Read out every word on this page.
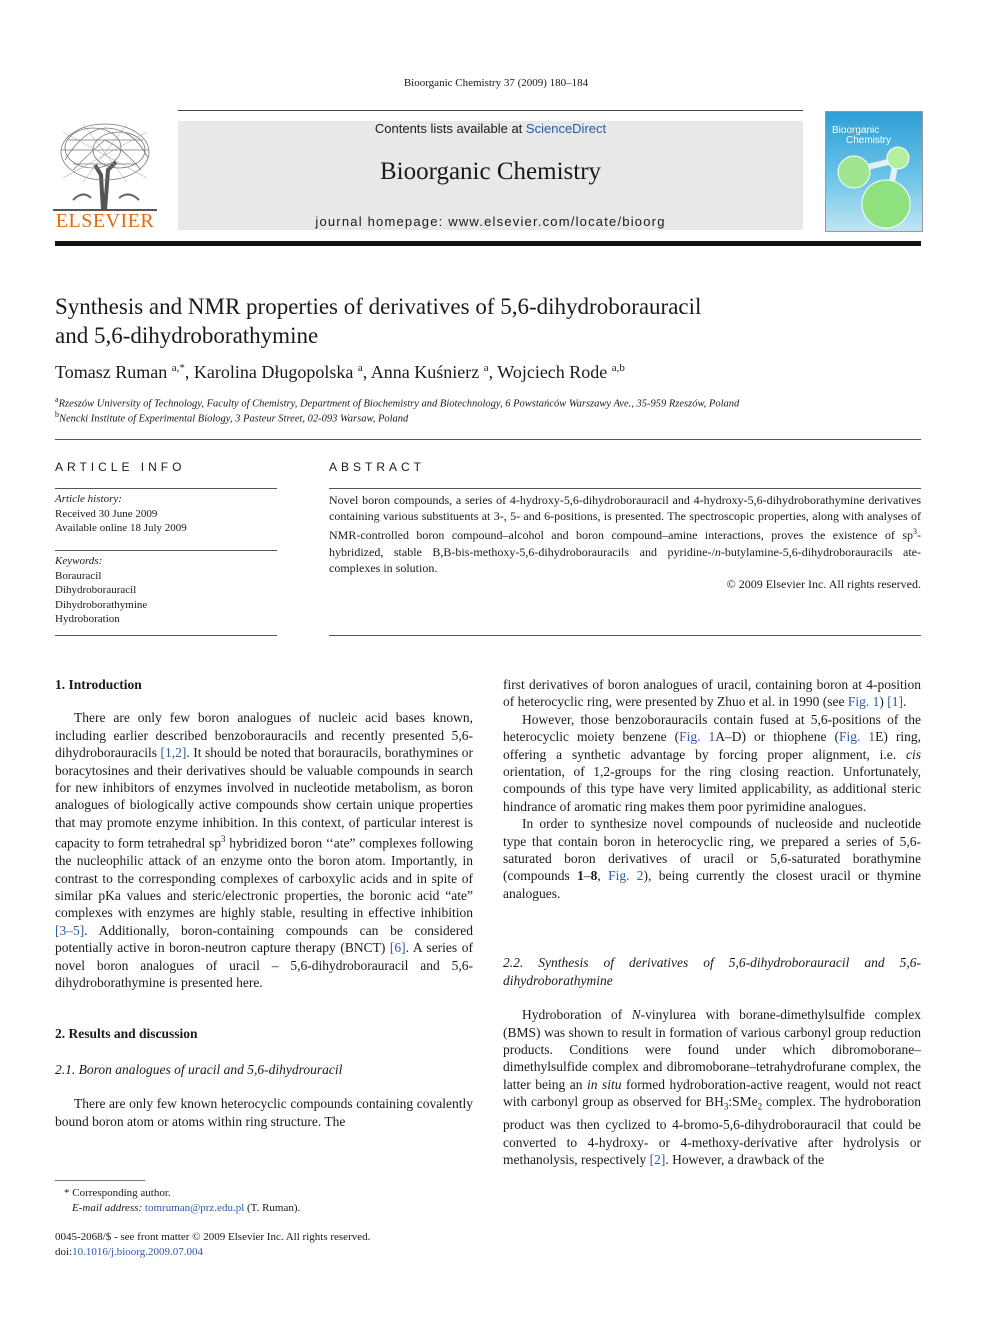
Bioorganic Chemistry 37 (2009) 180–184
ELSEVIER
Contents lists available at ScienceDirect
Bioorganic Chemistry
journal homepage: www.elsevier.com/locate/bioorg
Bioorganic
Chemistry
Synthesis and NMR properties of derivatives of 5,6-dihydroborauracil
and 5,6-dihydroborathymine
Tomasz Ruman $^{a,*}$, Karolina Długopolska $^a$, Anna Kuśnierz $^a$, Wojciech Rode $^{a,b}$
$^a$Rzeszów University of Technology, Faculty of Chemistry, Department of Biochemistry and Biotechnology, 6 Powstańców Warszawy Ave., 35-959 Rzeszów, Poland
$^b$Nencki Institute of Experimental Biology, 3 Pasteur Street, 02-093 Warsaw, Poland
ARTICLE INFO
Article history:
Received 30 June 2009
Available online 18 July 2009
Keywords:
Borauracil
Dihydroborauracil
Dihydroborathymine
Hydroboration
ABSTRACT
Novel boron compounds, a series of 4-hydroxy-5,6-dihydroborauracil and 4-hydroxy-5,6-dihydroborathymine derivatives containing various substituents at 3-, 5- and 6-positions, is presented. The spectroscopic properties, along with analyses of NMR-controlled boron compound–alcohol and boron compound–amine interactions, proves the existence of $sp^3$-hybridized, stable B,B-bis-methoxy-5,6-dihydroborauracils and pyridine-/n-butylamine-5,6-dihydroborauracils ate-complexes in solution.
© 2009 Elsevier Inc. All rights reserved.
1. Introduction

There are only few boron analogues of nucleic acid bases known, including earlier described benzoborauracils and recently presented 5,6-dihydroborauracils [1,2]. It should be noted that borauracils, borathymines or boracytosines and their derivatives should be valuable compounds in search for new inhibitors of enzymes involved in nucleotide metabolism, as boron analogues of biologically active compounds show certain unique properties that may promote enzyme inhibition. In this context, of particular interest is capacity to form tetrahedral $sp^3$ hybridized boron ‘‘ate” complexes following the nucleophilic attack of an enzyme onto the boron atom. Importantly, in contrast to the corresponding complexes of carboxylic acids and in spite of similar pKa values and steric/electronic properties, the boronic acid “ate” complexes with enzymes are highly stable, resulting in effective inhibition [3–5]. Additionally, boron-containing compounds can be considered potentially active in boron-neutron capture therapy (BNCT) [6]. A series of novel boron analogues of uracil – 5,6-dihydroborauracil and 5,6-dihydroborathymine is presented here.

2. Results and discussion
2.1. Boron analogues of uracil and 5,6-dihydrouracil

There are only few known heterocyclic compounds containing covalently bound boron atom or atoms within ring structure. The

* Corresponding author.
E-mail address: tomruman@prz.edu.pl (T. Ruman).
0045-2068/$ - see front matter © 2009 Elsevier Inc. All rights reserved.
doi:10.1016/j.bioorg.2009.07.004

first derivatives of boron analogues of uracil, containing boron at 4-position of heterocyclic ring, were presented by Zhuo et al. in 1990 (see Fig. 1) [1].

However, those benzoborauracils contain fused at 5,6-positions of the heterocyclic moiety benzene (Fig. 1A–D) or thiophene (Fig. 1E) ring, offering a synthetic advantage by forcing proper alignment, i.e. cis orientation, of 1,2-groups for the ring closing reaction. Unfortunately, compounds of this type have very limited applicability, as additional steric hindrance of aromatic ring makes them poor pyrimidine analogues.

In order to synthesize novel compounds of nucleoside and nucleotide type that contain boron in heterocyclic ring, we prepared a series of 5,6-saturated boron derivatives of uracil or 5,6-saturated borathymine (compounds 1–8, Fig. 2), being currently the closest uracil or thymine analogues.

2.2. Synthesis of derivatives of 5,6-dihydroborauracil and 5,6-dihydroborathymine

Hydroboration of N-vinylurea with borane-dimethylsulfide complex (BMS) was shown to result in formation of various carbonyl group reduction products. Conditions were found under which dibromoborane–dimethylsulfide complex and dibromoborane–tetrahydrofurane complex, the latter being an in situ formed hydroboration-active reagent, would not react with carbonyl group as observed for $BH_3:SMe_2$ complex. The hydroboration product was then cyclized to 4-bromo-5,6-dihydroborauracil that could be converted to 4-hydroxy- or 4-methoxy-derivative after hydrolysis or methanolysis, respectively [2]. However, a drawback of the
